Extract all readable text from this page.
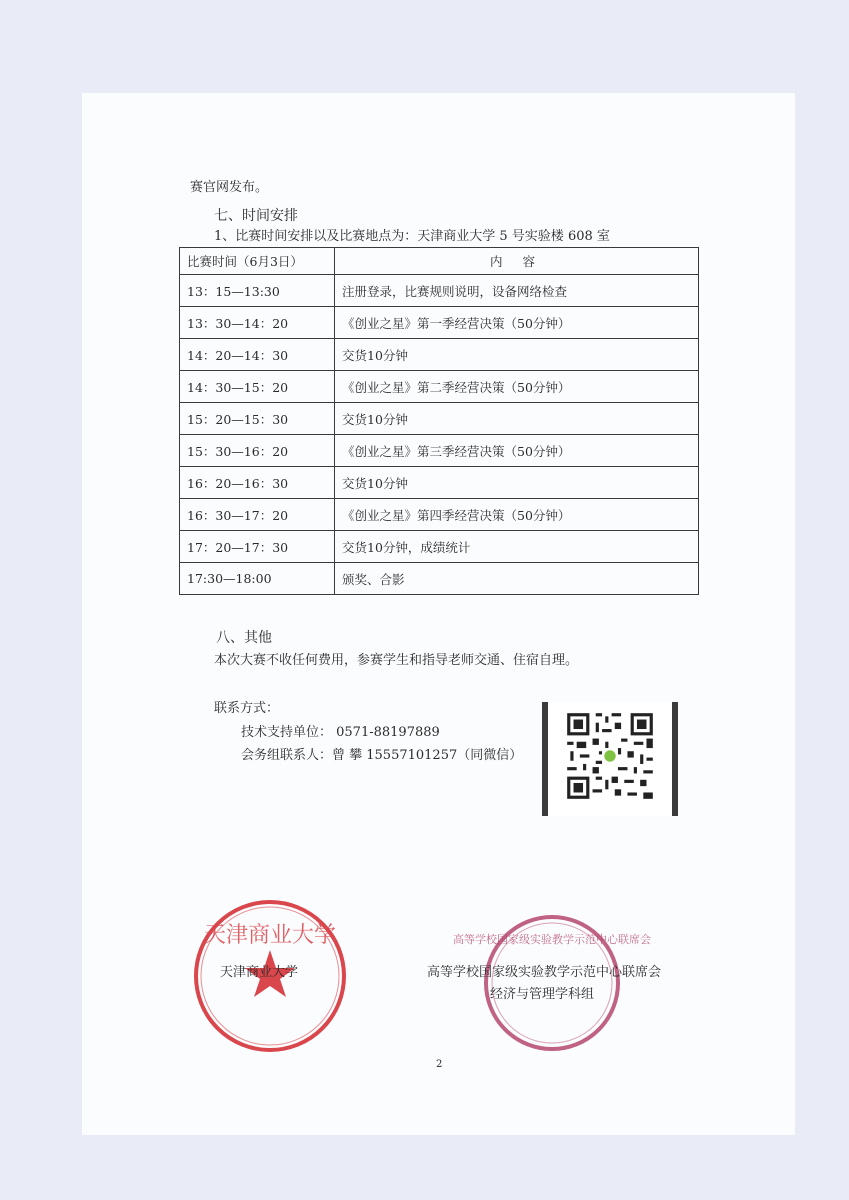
赛官网发布。
七、时间安排
1、比赛时间安排以及比赛地点为：天津商业大学 5 号实验楼 608 室
比赛时间（6月3日）	内 容
13：15—13:30	注册登录，比赛规则说明，设备网络检查
13：30—14：20	《创业之星》第一季经营决策（50分钟）
14：20—14：30	交货10分钟
14：30—15：20	《创业之星》第二季经营决策（50分钟）
15：20—15：30	交货10分钟
15：30—16：20	《创业之星》第三季经营决策（50分钟）
16：20—16：30	交货10分钟
16：30—17：20	《创业之星》第四季经营决策（50分钟）
17：20—17：30	交货10分钟，成绩统计
17:30—18:00	颁奖、合影
八、其他
本次大赛不收任何费用，参赛学生和指导老师交通、住宿自理。
联系方式：
技术支持单位： 0571-88197889
会务组联系人：曾 攀 15557101257（同微信）
天津商业大学	高等学校国家级实验教学示范中心联席会
天津商业大学	高等学校国家级实验教学示范中心联席会
经济与管理学科组
2
